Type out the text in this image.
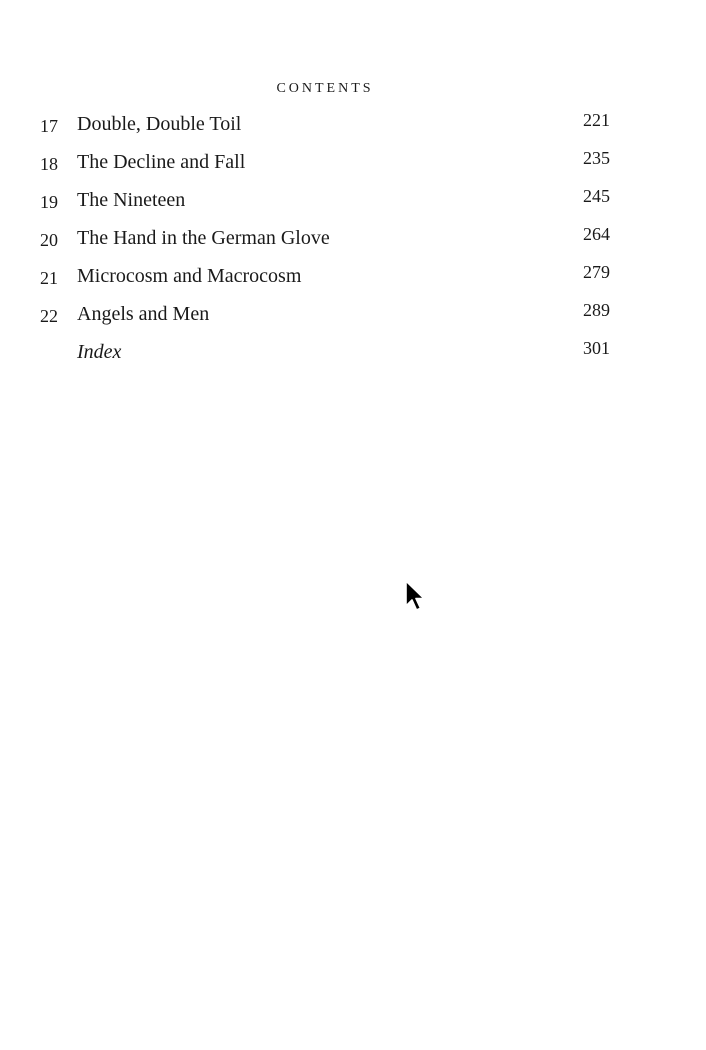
CONTENTS
17 Double, Double Toil	221
18 The Decline and Fall	235
19 The Nineteen	245
20 The Hand in the German Glove	264
21 Microcosm and Macrocosm	279
22 Angels and Men	289
Index	301
